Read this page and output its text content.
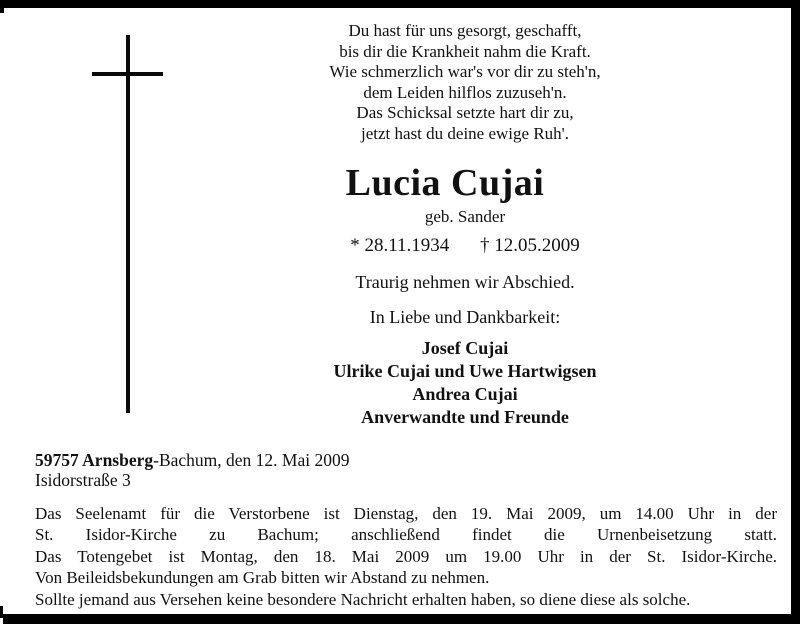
Du hast für uns gesorgt, geschafft,
bis dir die Krankheit nahm die Kraft.
Wie schmerzlich war's vor dir zu steh'n,
dem Leiden hilflos zuzuseh'n.
Das Schicksal setzte hart dir zu,
jetzt hast du deine ewige Ruh'.
Lucia Cujai
geb. Sander
* 28.11.1934 † 12.05.2009
Traurig nehmen wir Abschied.
In Liebe und Dankbarkeit:
Josef Cujai
Ulrike Cujai und Uwe Hartwigsen
Andrea Cujai
Anverwandte und Freunde
59757 Arnsberg-Bachum, den 12. Mai 2009
Isidorstraße 3
Das Seelenamt für die Verstorbene ist Dienstag, den 19. Mai 2009, um 14.00 Uhr in der
St. Isidor-Kirche zu Bachum; anschließend findet die Urnenbeisetzung statt.
Das Totengebet ist Montag, den 18. Mai 2009 um 19.00 Uhr in der St. Isidor-Kirche.
Von Beileidsbekundungen am Grab bitten wir Abstand zu nehmen.
Sollte jemand aus Versehen keine besondere Nachricht erhalten haben, so diene diese als solche.
